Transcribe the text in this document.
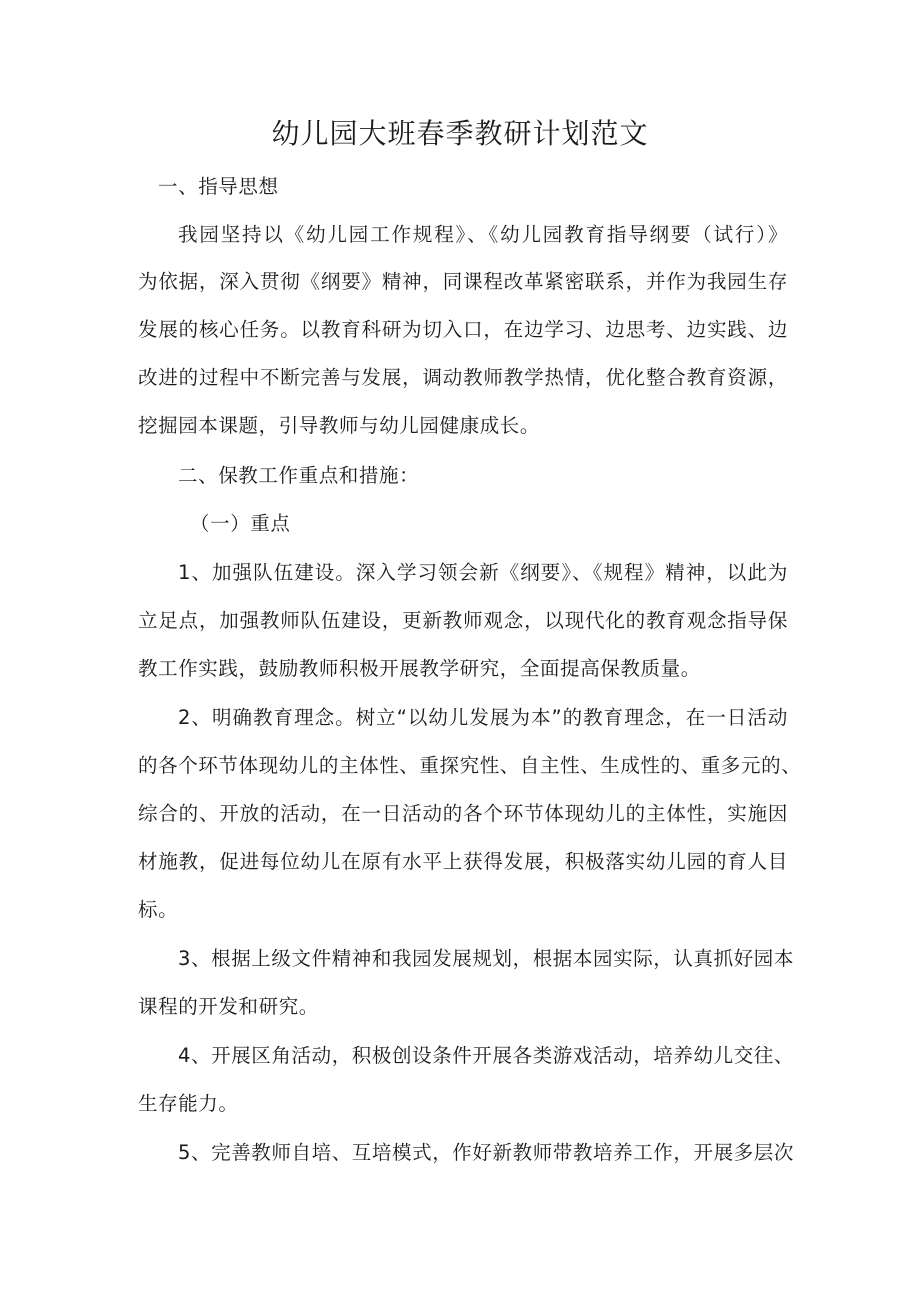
幼儿园大班春季教研计划范文

一、指导思想

我园坚持以《幼儿园工作规程》、《幼儿园教育指导纲要（试行）》

为依据，深入贯彻《纲要》精神，同课程改革紧密联系，并作为我园生存

发展的核心任务。以教育科研为切入口，在边学习、边思考、边实践、边

改进的过程中不断完善与发展，调动教师教学热情，优化整合教育资源，

挖掘园本课题，引导教师与幼儿园健康成长。

二、保教工作重点和措施：

（一）重点

1、加强队伍建设。深入学习领会新《纲要》、《规程》精神，以此为

立足点，加强教师队伍建设，更新教师观念，以现代化的教育观念指导保

教工作实践，鼓励教师积极开展教学研究，全面提高保教质量。

2、明确教育理念。树立“以幼儿发展为本”的教育理念，在一日活动

的各个环节体现幼儿的主体性、重探究性、自主性、生成性的、重多元的、

综合的、开放的活动，在一日活动的各个环节体现幼儿的主体性，实施因

材施教，促进每位幼儿在原有水平上获得发展，积极落实幼儿园的育人目

标。

3、根据上级文件精神和我园发展规划，根据本园实际，认真抓好园本

课程的开发和研究。

4、开展区角活动，积极创设条件开展各类游戏活动，培养幼儿交往、

生存能力。

5、完善教师自培、互培模式，作好新教师带教培养工作，开展多层次
